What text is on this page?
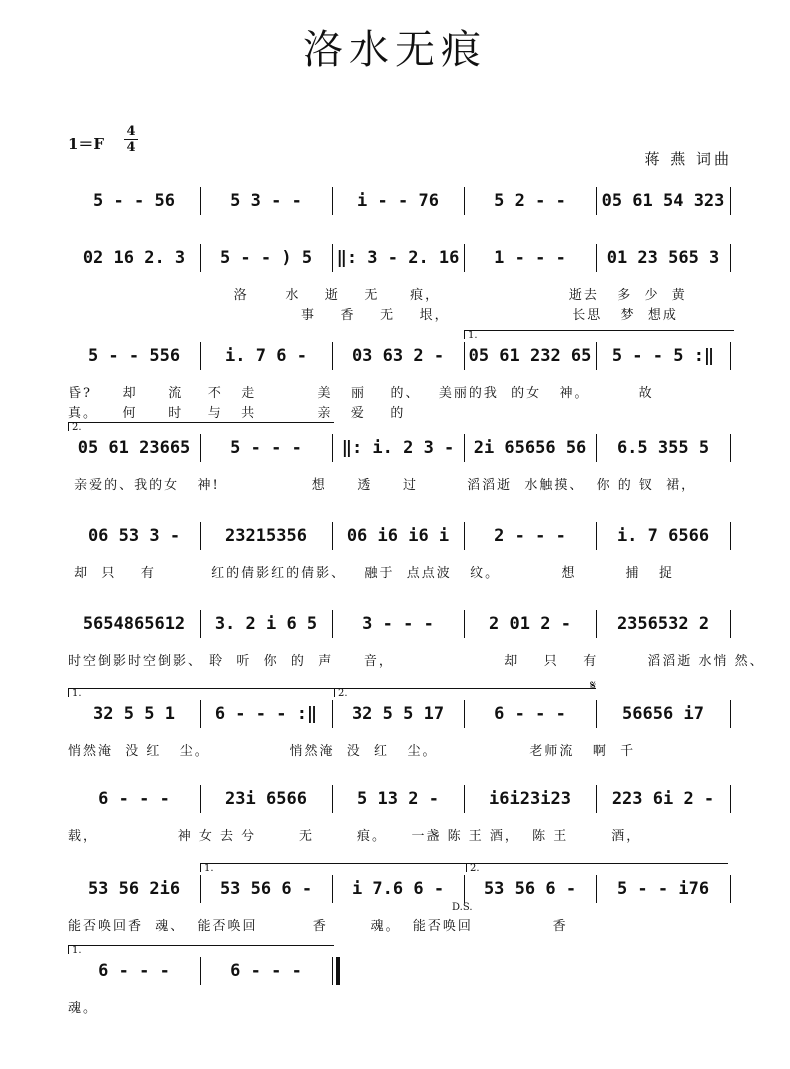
洛水无痕
$1=F \frac{4}{4}$
蒋 燕 词曲
5 - - 56	5 3 - -	i - - 76	5 2 - -	05 61 54 323
02 16 2. 3	5 - - ) 5	‖: 3 - 2. 16	1 - - -	01 23 565 3
洛      水    逝    无     痕，                     逝去   多  少  黄
事    香    无    垠，                    长思   梦  想成
5 - - 556	i. 7 6 -	03 63 2 -	05 61 232 65	5 - - 5 :‖
1.
昏?     却     流    不   走          美   丽    的、   美丽的我  的女   神。        故
真。    何     时    与   共          亲   爱    的
05 61 23665	5 - - -	‖: i. 2 3 -	2i 65656 56	6.5 355 5
2.
亲爱的、我的女   神!               想     透     过        滔滔逝  水触摸、  你 的 钗  裙，
06 53 3 -	23215356	06 i6 i6 i	2 - - -	i. 7 6566
却  只    有         红的倩影红的倩影、   融于  点点波   纹。          想        捕   捉
5654865612	3. 2 i 6 5	3 - - -	2 01 2 -	2356532 2
时空倒影时空倒影、 聆  听  你  的  声     音，                  却    只    有        滔滔逝 水悄 然、
32 5 5 1	6 - - - :‖	32 5 5 17	6 - - -	56656 i7
1.	2.
悄然淹  没 红   尘。             悄然淹  没  红   尘。               老师流   啊  千
6 - - -	23i 6566	5 13 2 -	i6i23i23	223 6i 2 -
载，             神 女 去 兮       无       痕。    一盏 陈 王 酒，  陈 王       酒，
53 56 2i6	53 56 6 -	i 7.6 6 -	53 56 6 -	5 - - i76
1.	2.
能否唤回香  魂、  能否唤回         香       魂。  能否唤回             香
6 - - -	6 - - -
1.
魂。
D.S.
𝄋
